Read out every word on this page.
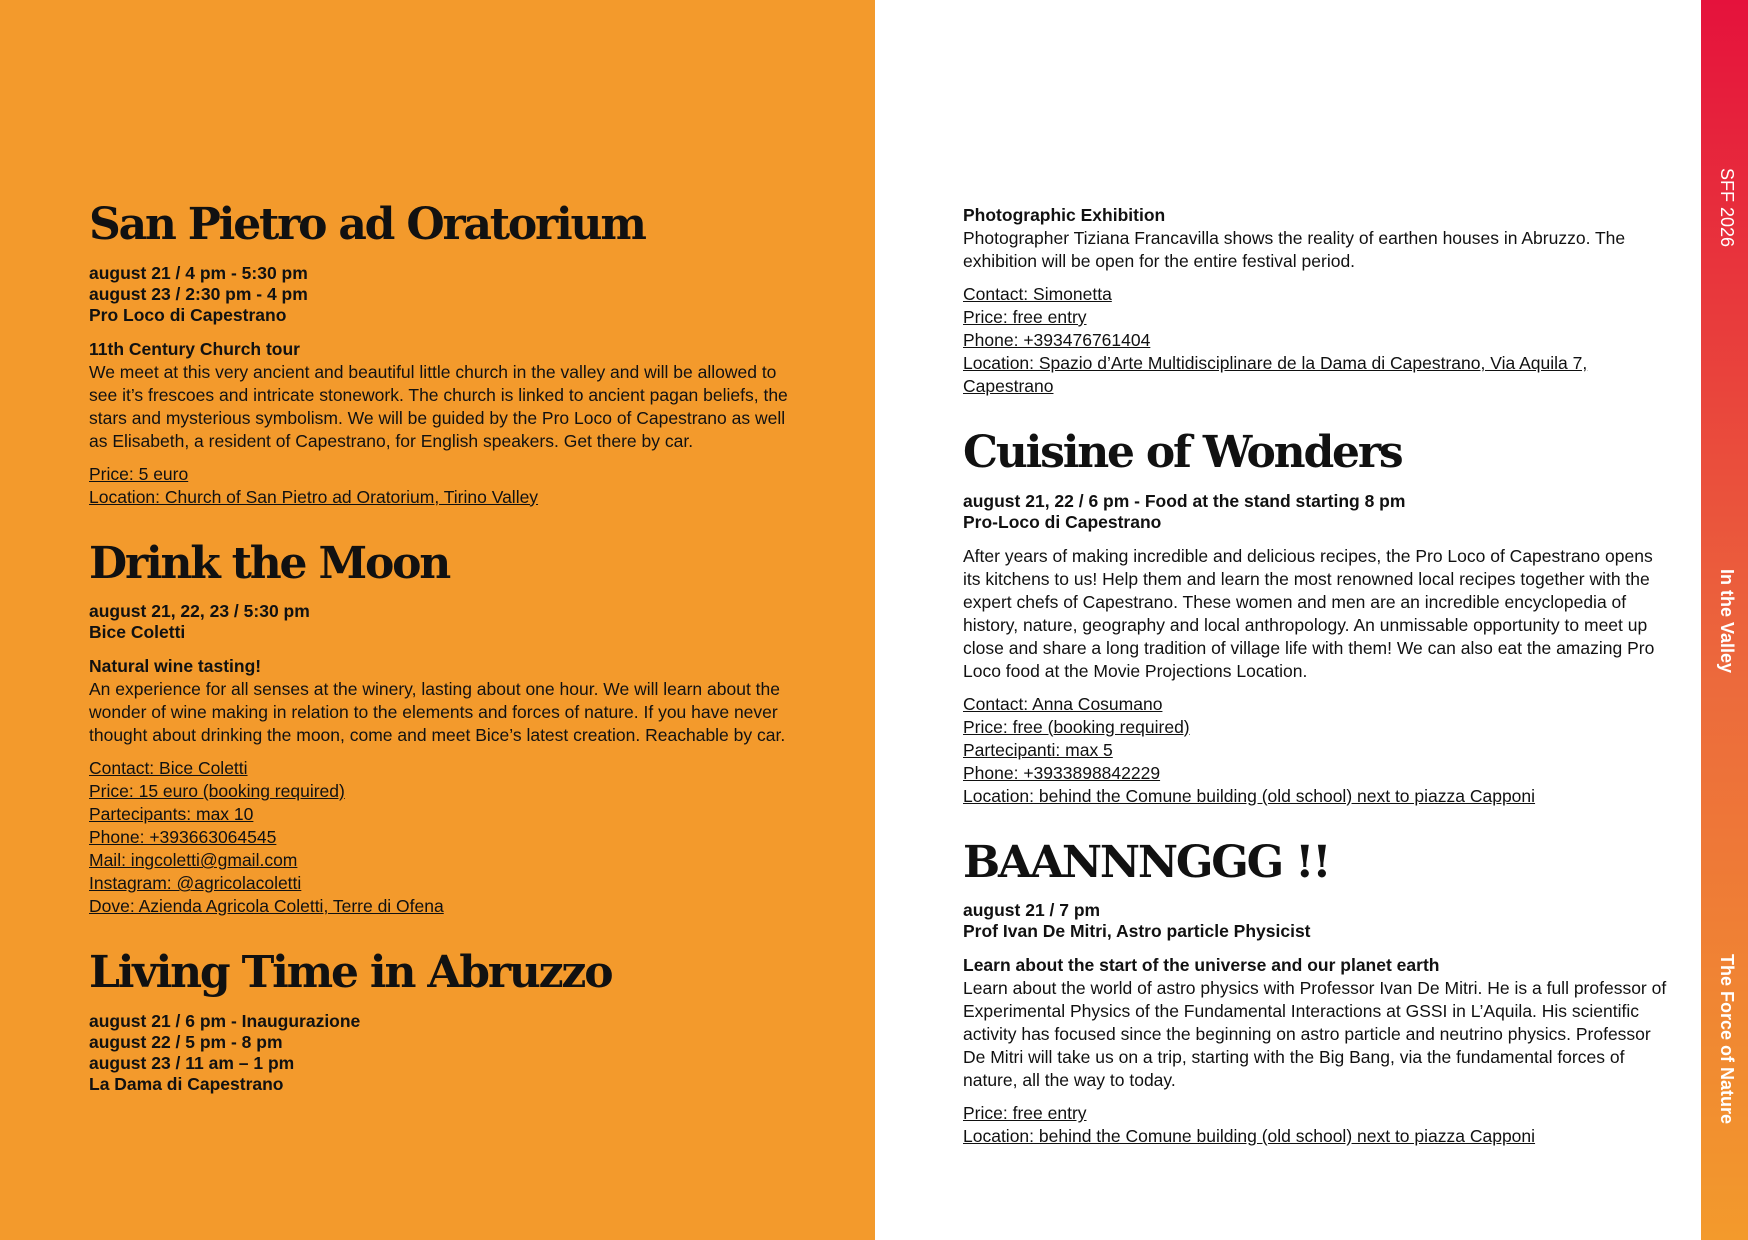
SFF 2026
In the Valley
The Force of Nature
San Pietro ad Oratorium
august 21 / 4 pm - 5:30 pm
august 23 / 2:30 pm - 4 pm
Pro Loco di Capestrano
11th Century Church tour
We meet at this very ancient and beautiful little church in the valley and will be allowed to see it’s frescoes and intricate stonework. The church is linked to ancient pagan beliefs, the stars and mysterious symbolism. We will be guided by the Pro Loco of Capestrano as well as Elisabeth, a resident of Capestrano, for English speakers. Get there by car.
Price: 5 euro
Location: Church of San Pietro ad Oratorium, Tirino Valley
Drink the Moon
august 21, 22, 23 / 5:30 pm
Bice Coletti
Natural wine tasting!
An experience for all senses at the winery, lasting about one hour. We will learn about the wonder of wine making in relation to the elements and forces of nature. If you have never thought about drinking the moon, come and meet Bice’s latest creation. Reachable by car.
Contact: Bice Coletti
Price: 15 euro (booking required)
Partecipants: max 10
Phone: +393663064545
Mail: ingcoletti@gmail.com
Instagram: @agricolacoletti
Dove: Azienda Agricola Coletti, Terre di Ofena
Living Time in Abruzzo
august 21 / 6 pm - Inaugurazione
august 22 / 5 pm - 8 pm
august 23 / 11 am – 1 pm
La Dama di Capestrano
Photographic Exhibition
Photographer Tiziana Francavilla shows the reality of earthen houses in Abruzzo. The exhibition will be open for the entire festival period.
Contact: Simonetta
Price: free entry
Phone: +393476761404
Location: Spazio d’Arte Multidisciplinare de la Dama di Capestrano, Via Aquila 7, Capestrano
Cuisine of Wonders
august 21, 22 / 6 pm - Food at the stand starting 8 pm
Pro-Loco di Capestrano
After years of making incredible and delicious recipes, the Pro Loco of Capestrano opens its kitchens to us! Help them and learn the most renowned local recipes together with the expert chefs of Capestrano. These women and men are an incredible encyclopedia of history, nature, geography and local anthropology. An unmissable opportunity to meet up close and share a long tradition of village life with them! We can also eat the amazing Pro Loco food at the Movie Projections Location.
Contact: Anna Cosumano
Price: free (booking required)
Partecipanti: max 5
Phone: +3933898842229
Location: behind the Comune building (old school) next to piazza Capponi
BAANNNGGG !!
august 21 / 7 pm
Prof Ivan De Mitri, Astro particle Physicist
Learn about the start of the universe and our planet earth
Learn about the world of astro physics with Professor Ivan De Mitri. He is a full professor of Experimental Physics of the Fundamental Interactions at GSSI in L’Aquila. His scientific activity has focused since the beginning on astro particle and neutrino physics. Professor De Mitri will take us on a trip, starting with the Big Bang, via the fundamental forces of nature, all the way to today.
Price: free entry
Location: behind the Comune building (old school) next to piazza Capponi
